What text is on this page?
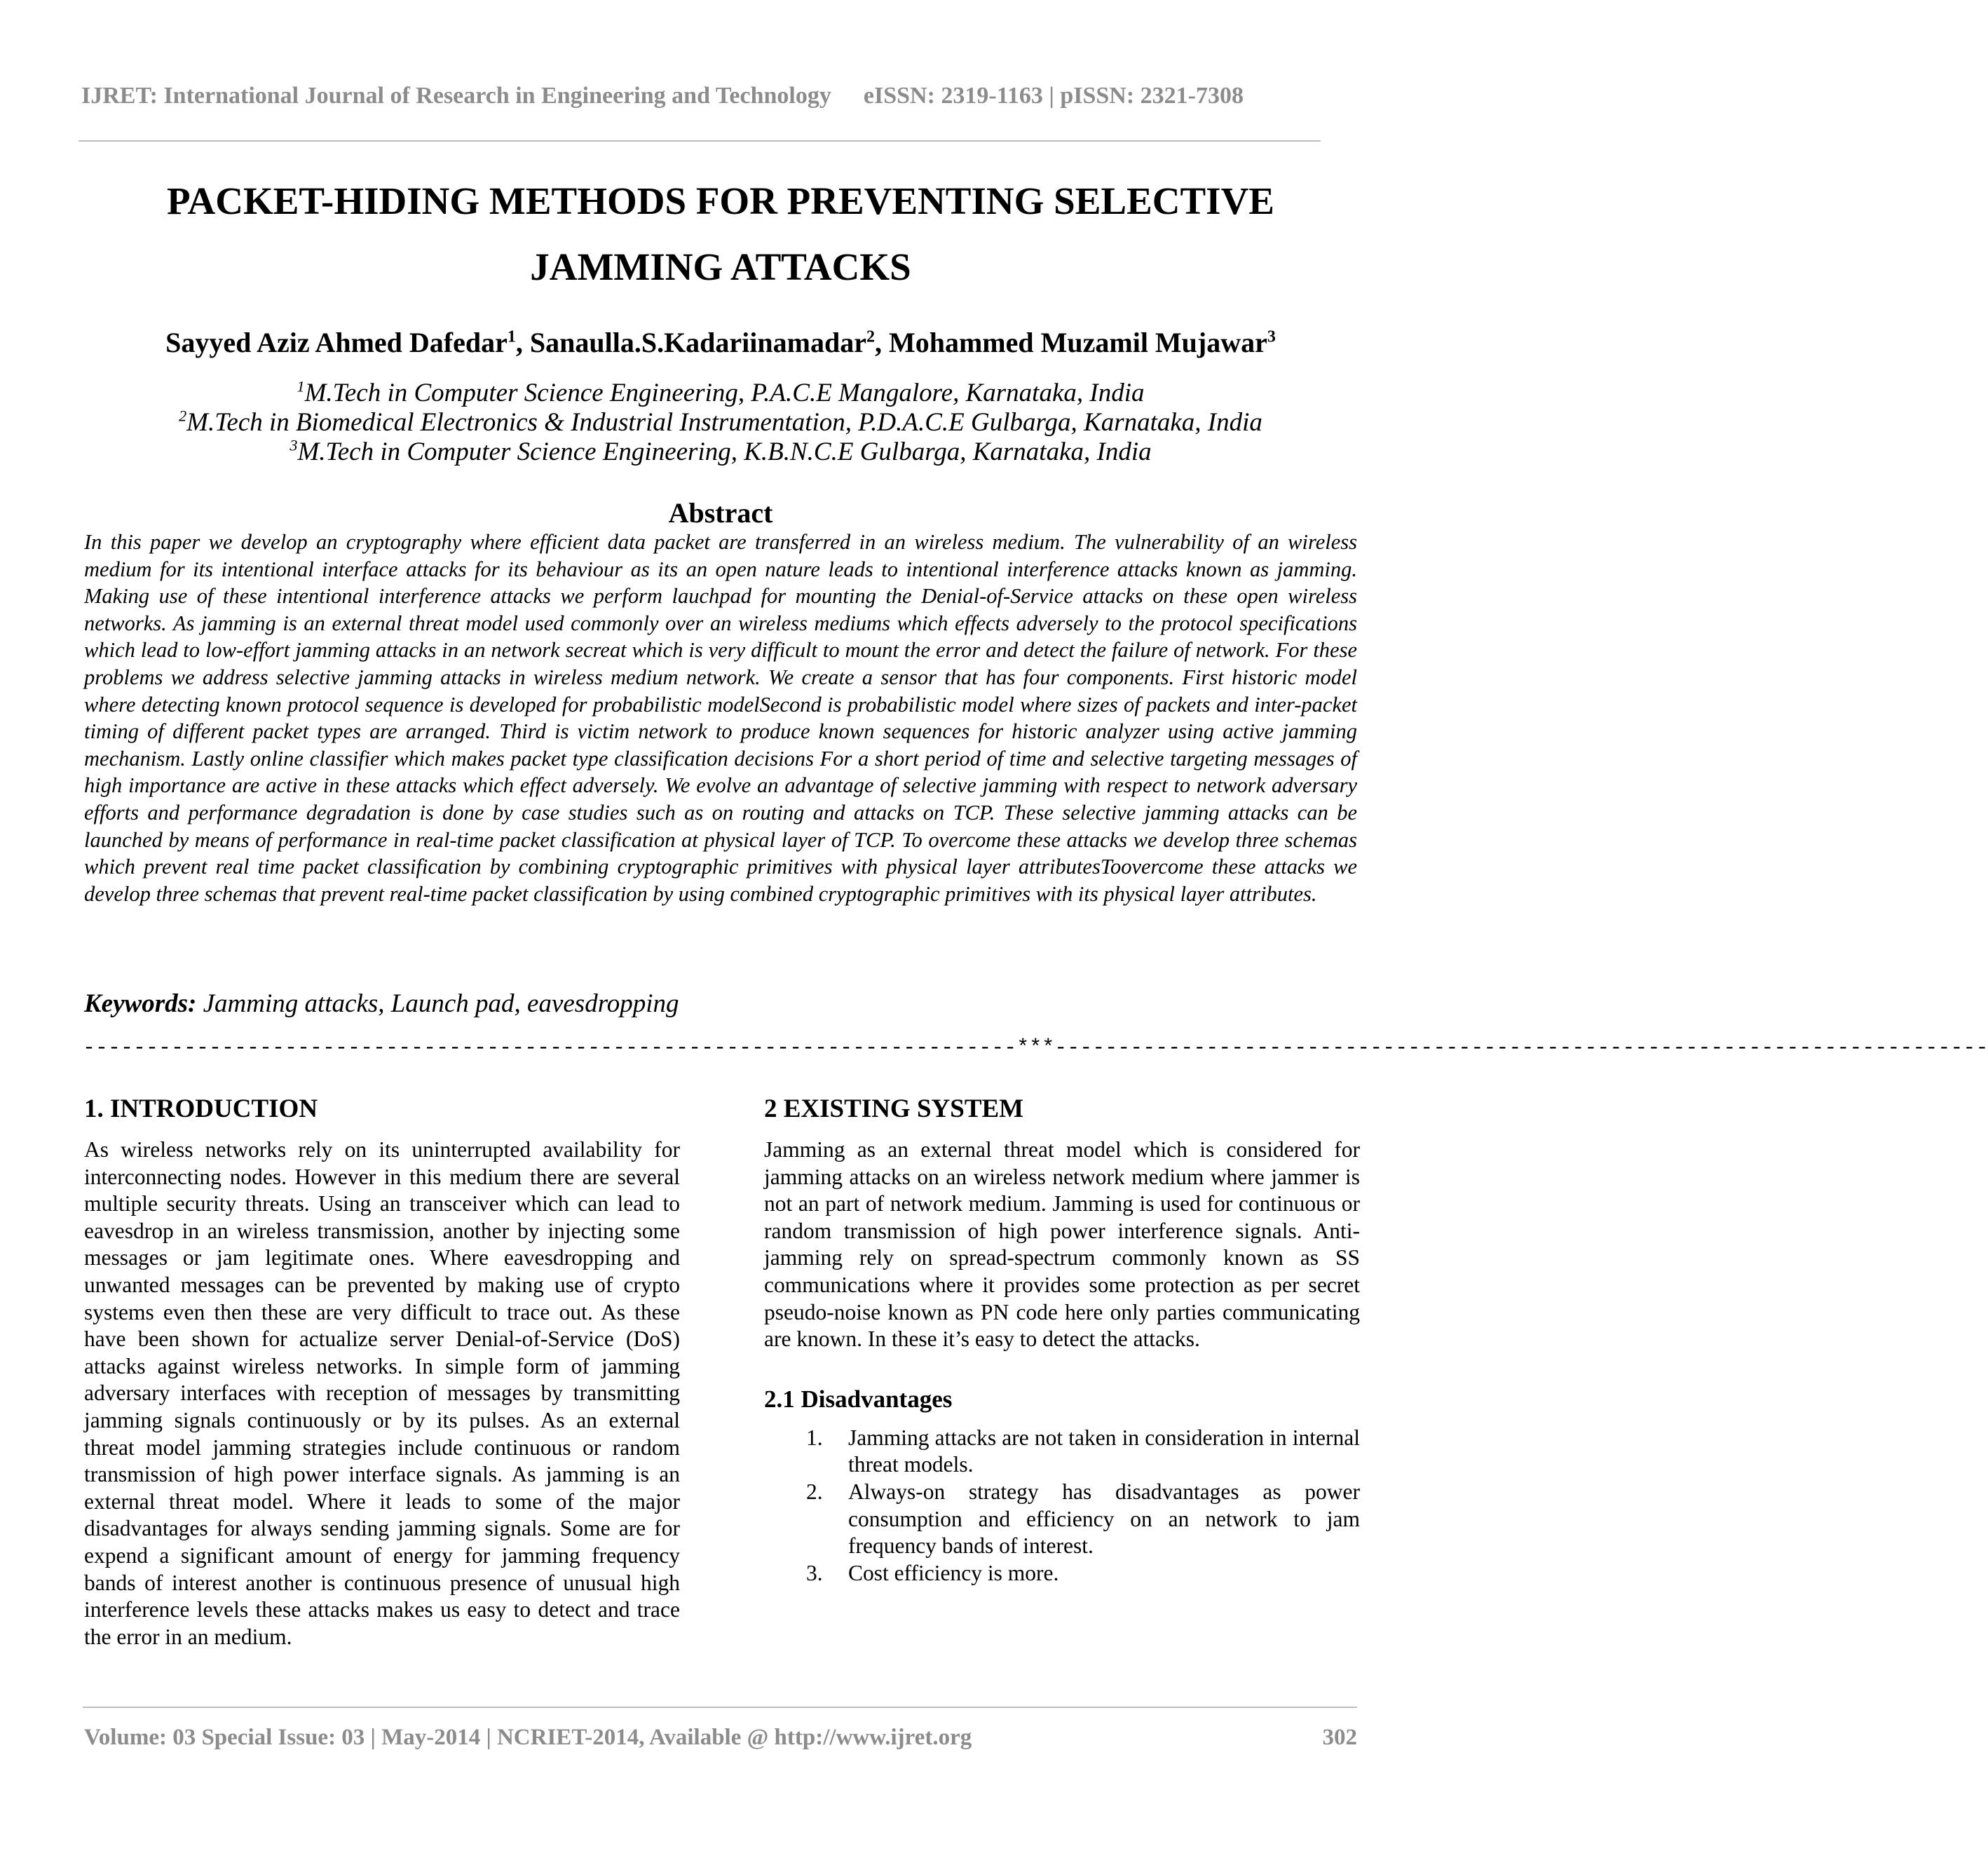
IJRET: International Journal of Research in Engineering and Technology eISSN: 2319-1163 | pISSN: 2321-7308
PACKET-HIDING METHODS FOR PREVENTING SELECTIVE
JAMMING ATTACKS
Sayyed Aziz Ahmed Dafedar$^1$, Sanaulla.S.Kadariinamadar$^2$, Mohammed Muzamil Mujawar$^3$
$^1$M.Tech in Computer Science Engineering, P.A.C.E Mangalore, Karnataka, India
$^2$M.Tech in Biomedical Electronics & Industrial Instrumentation, P.D.A.C.E Gulbarga, Karnataka, India
$^3$M.Tech in Computer Science Engineering, K.B.N.C.E Gulbarga, Karnataka, India
Abstract
In this paper we develop an cryptography where efficient data packet are transferred in an wireless medium. The vulnerability of an wireless medium for its intentional interface attacks for its behaviour as its an open nature leads to intentional interference attacks known as jamming. Making use of these intentional interference attacks we perform lauchpad for mounting the Denial-of-Service attacks on these open wireless networks. As jamming is an external threat model used commonly over an wireless mediums which effects adversely to the protocol specifications which lead to low-effort jamming attacks in an network secreat which is very difficult to mount the error and detect the failure of network. For these problems we address selective jamming attacks in wireless medium network. We create a sensor that has four components. First historic model where detecting known protocol sequence is developed for probabilistic modelSecond is probabilistic model where sizes of packets and inter-packet timing of different packet types are arranged. Third is victim network to produce known sequences for historic analyzer using active jamming mechanism. Lastly online classifier which makes packet type classification decisions For a short period of time and selective targeting messages of high importance are active in these attacks which effect adversely. We evolve an advantage of selective jamming with respect to network adversary efforts and performance degradation is done by case studies such as on routing and attacks on TCP. These selective jamming attacks can be launched by means of performance in real-time packet classification at physical layer of TCP. To overcome these attacks we develop three schemas which prevent real time packet classification by combining cryptographic primitives with physical layer attributesToovercome these attacks we develop three schemas that prevent real-time packet classification by using combined cryptographic primitives with its physical layer attributes.
Keywords: Jamming attacks, Launch pad, eavesdropping
--------------------------------------------------------------------------***--------------------------------------------------------------------------
1. INTRODUCTION

As wireless networks rely on its uninterrupted availability for interconnecting nodes. However in this medium there are several multiple security threats. Using an transceiver which can lead to eavesdrop in an wireless transmission, another by injecting some messages or jam legitimate ones. Where eavesdropping and unwanted messages can be prevented by making use of crypto systems even then these are very difficult to trace out. As these have been shown for actualize server Denial-of-Service (DoS) attacks against wireless networks. In simple form of jamming adversary interfaces with reception of messages by transmitting jamming signals continuously or by its pulses. As an external threat model jamming strategies include continuous or random transmission of high power interface signals. As jamming is an external threat model. Where it leads to some of the major disadvantages for always sending jamming signals. Some are for expend a significant amount of energy for jamming frequency bands of interest another is continuous presence of unusual high interference levels these attacks makes us easy to detect and trace the error in an medium.

2 EXISTING SYSTEM

Jamming as an external threat model which is considered for jamming attacks on an wireless network medium where jammer is not an part of network medium. Jamming is used for continuous or random transmission of high power interference signals. Anti-jamming rely on spread-spectrum commonly known as SS communications where it provides some protection as per secret pseudo-noise known as PN code here only parties communicating are known. In these it’s easy to detect the attacks.

2.1 Disadvantages
1. Jamming attacks are not taken in consideration in internal threat models.
2. Always-on strategy has disadvantages as power consumption and efficiency on an network to jam frequency bands of interest.
3. Cost efficiency is more.
Volume: 03 Special Issue: 03 | May-2014 | NCRIET-2014, Available @ http://www.ijret.org	302
